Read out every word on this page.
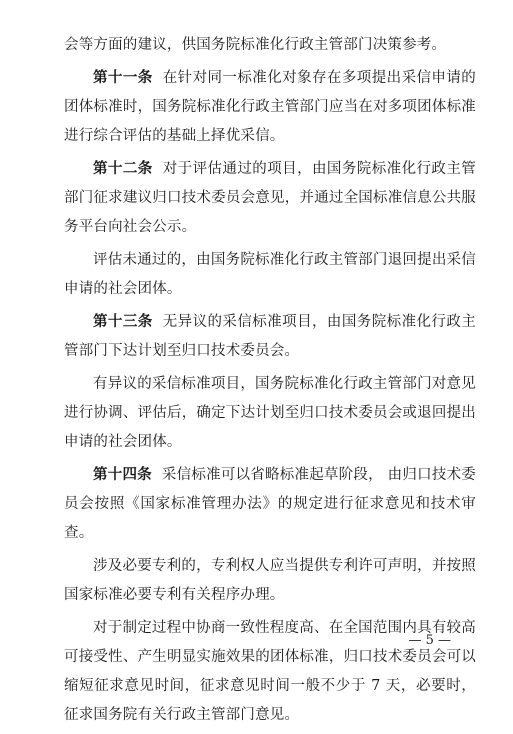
会等方面的建议，供国务院标准化行政主管部门决策参考。

第十一条 在针对同一标准化对象存在多项提出采信申请的团体标准时，国务院标准化行政主管部门应当在对多项团体标准进行综合评估的基础上择优采信。

第十二条 对于评估通过的项目，由国务院标准化行政主管部门征求建议归口技术委员会意见，并通过全国标准信息公共服务平台向社会公示。

评估未通过的，由国务院标准化行政主管部门退回提出采信申请的社会团体。

第十三条 无异议的采信标准项目，由国务院标准化行政主管部门下达计划至归口技术委员会。

有异议的采信标准项目，国务院标准化行政主管部门对意见进行协调、评估后，确定下达计划至归口技术委员会或退回提出申请的社会团体。

第十四条 采信标准可以省略标准起草阶段， 由归口技术委员会按照《国家标准管理办法》的规定进行征求意见和技术审查。

涉及必要专利的，专利权人应当提供专利许可声明，并按照国家标准必要专利有关程序办理。

对于制定过程中协商一致性程度高、在全国范围内具有较高可接受性、产生明显实施效果的团体标准，归口技术委员会可以缩短征求意见时间，征求意见时间一般不少于 7 天，必要时，征求国务院有关行政主管部门意见。

— 5 —
